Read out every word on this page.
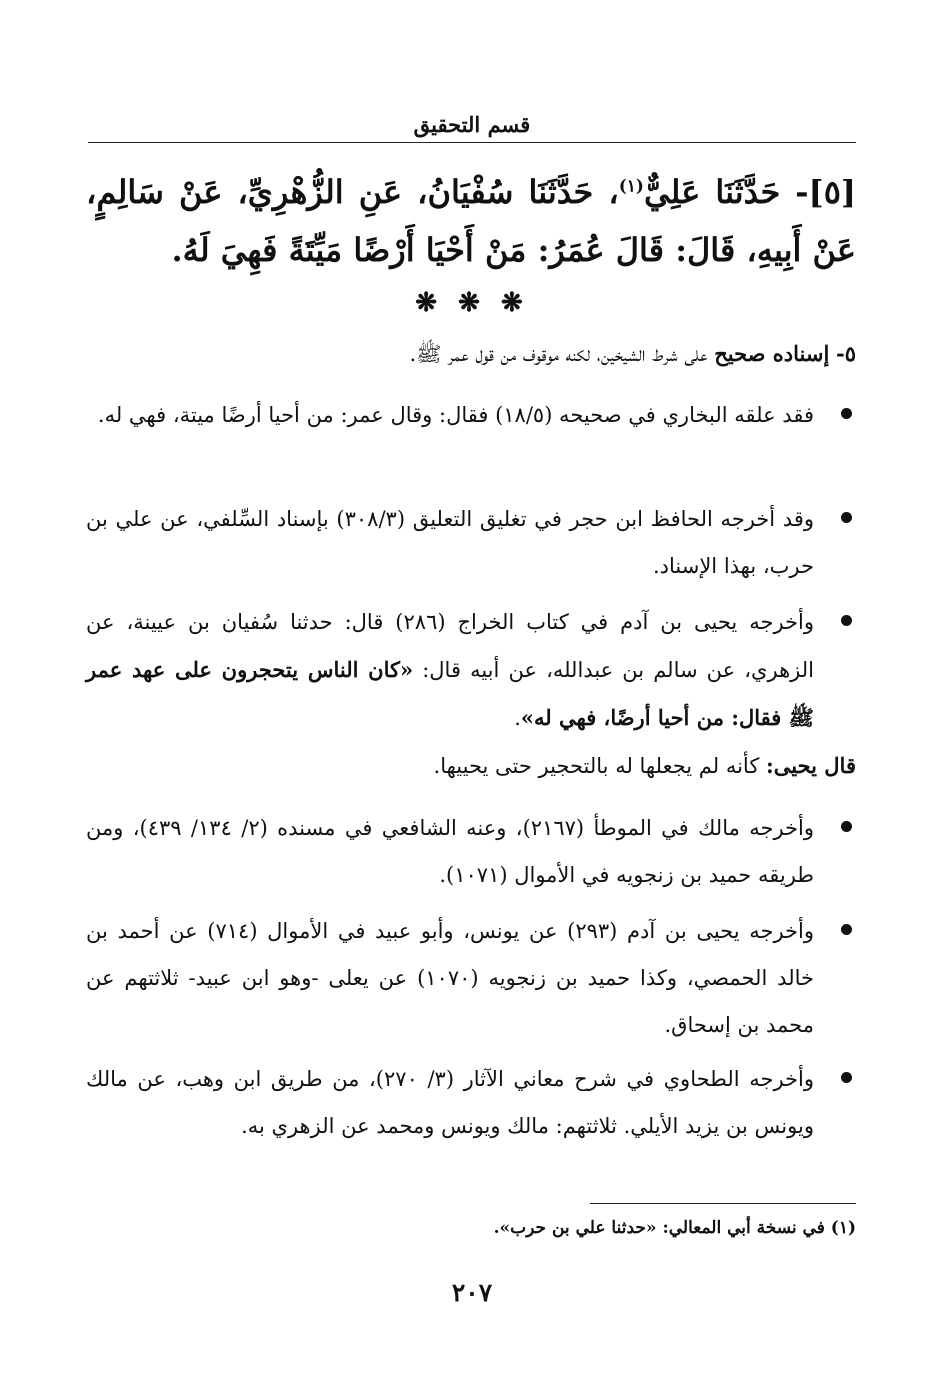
قسم التحقيق
[٥]- حَدَّثَنَا عَلِيٌّ$^{(١)}$، حَدَّثَنَا سُفْيَانُ، عَنِ الزُّهْرِيِّ، عَنْ سَالِمٍ، عَنْ أَبِيهِ، قَالَ: قَالَ عُمَرُ: مَنْ أَحْيَا أَرْضًا مَيِّتَةً فَهِيَ لَهُ.
❋ ❋ ❋
٥- إسناده صحيح على شرط الشيخين، لكنه موقوف من قول عمر ﷺ.
فقد علقه البخاري في صحيحه (١٨/٥) فقال: وقال عمر: من أحيا أرضًا ميتة، فهي له.
وقد أخرجه الحافظ ابن حجر في تغليق التعليق (٣٠٨/٣) بإسناد السِّلفي، عن علي بن حرب، بهذا الإسناد.
وأخرجه يحيى بن آدم في كتاب الخراج (٢٨٦) قال: حدثنا سُفيان بن عيينة، عن الزهري، عن سالم بن عبدالله، عن أبيه قال: «كان الناس يتحجرون على عهد عمر ﷺ فقال: من أحيا أرضًا، فهي له».
قال يحيى: كأنه لم يجعلها له بالتحجير حتى يحييها.
وأخرجه مالك في الموطأ (٢١٦٧)، وعنه الشافعي في مسنده (٢/ ١٣٤/ ٤٣٩)، ومن طريقه حميد بن زنجويه في الأموال (١٠٧١).
وأخرجه يحيى بن آدم (٢٩٣) عن يونس، وأبو عبيد في الأموال (٧١٤) عن أحمد بن خالد الحمصي، وكذا حميد بن زنجويه (١٠٧٠) عن يعلى -وهو ابن عبيد- ثلاثتهم عن محمد بن إسحاق.
وأخرجه الطحاوي في شرح معاني الآثار (٣/ ٢٧٠)، من طريق ابن وهب، عن مالك ويونس بن يزيد الأيلي. ثلاثتهم: مالك ويونس ومحمد عن الزهري به.
(١) في نسخة أبي المعالي: «حدثنا علي بن حرب».
٢٠٧
